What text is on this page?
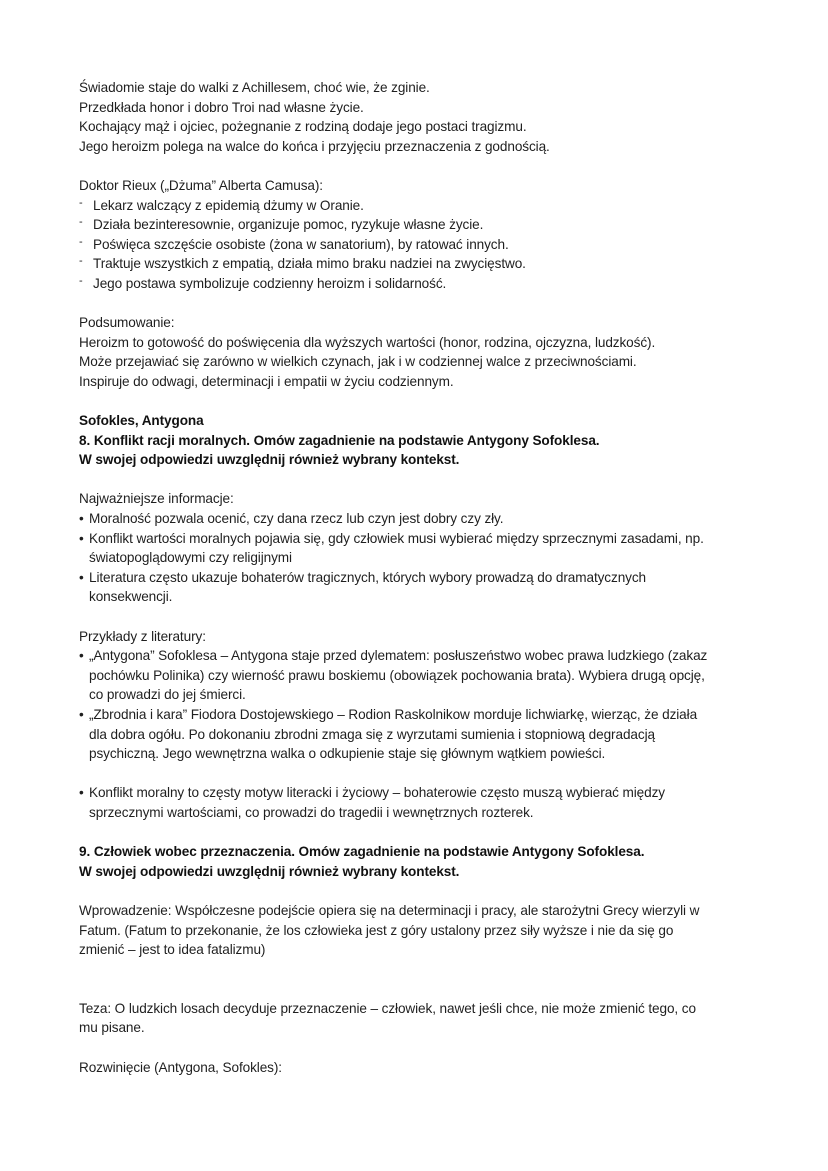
Świadomie staje do walki z Achillesem, choć wie, że zginie.
Przedkłada honor i dobro Troi nad własne życie.
Kochający mąż i ojciec, pożegnanie z rodziną dodaje jego postaci tragizmu.
Jego heroizm polega na walce do końca i przyjęciu przeznaczenia z godnością.
Doktor Rieux („Dżuma” Alberta Camusa):
- Lekarz walczący z epidemią dżumy w Oranie.
- Działa bezinteresownie, organizuje pomoc, ryzykuje własne życie.
- Poświęca szczęście osobiste (żona w sanatorium), by ratować innych.
- Traktuje wszystkich z empatią, działa mimo braku nadziei na zwycięstwo.
- Jego postawa symbolizuje codzienny heroizm i solidarność.
Podsumowanie:
Heroizm to gotowość do poświęcenia dla wyższych wartości (honor, rodzina, ojczyzna, ludzkość).
Może przejawiać się zarówno w wielkich czynach, jak i w codziennej walce z przeciwnościami.
Inspiruje do odwagi, determinacji i empatii w życiu codziennym.
Sofokles, Antygona
8. Konflikt racji moralnych. Omów zagadnienie na podstawie Antygony Sofoklesa.
W swojej odpowiedzi uwzględnij również wybrany kontekst.
Najważniejsze informacje:
• Moralność pozwala ocenić, czy dana rzecz lub czyn jest dobry czy zły.
• Konflikt wartości moralnych pojawia się, gdy człowiek musi wybierać między sprzecznymi zasadami, np.
światopoglądowymi czy religijnymi
• Literatura często ukazuje bohaterów tragicznych, których wybory prowadzą do dramatycznych
konsekwencji.
Przykłady z literatury:
• „Antygona” Sofoklesa – Antygona staje przed dylematem: posłuszeństwo wobec prawa ludzkiego (zakaz
pochówku Polinika) czy wierność prawu boskiemu (obowiązek pochowania brata). Wybiera drugą opcję,
co prowadzi do jej śmierci.
• „Zbrodnia i kara” Fiodora Dostojewskiego – Rodion Raskolnikow morduje lichwiarkę, wierząc, że działa
dla dobra ogółu. Po dokonaniu zbrodni zmaga się z wyrzutami sumienia i stopniową degradacją
psychiczną. Jego wewnętrzna walka o odkupienie staje się głównym wątkiem powieści.
• Konflikt moralny to częsty motyw literacki i życiowy – bohaterowie często muszą wybierać między
sprzecznymi wartościami, co prowadzi do tragedii i wewnętrznych rozterek.
9. Człowiek wobec przeznaczenia. Omów zagadnienie na podstawie Antygony Sofoklesa.
W swojej odpowiedzi uwzględnij również wybrany kontekst.
Wprowadzenie: Współczesne podejście opiera się na determinacji i pracy, ale starożytni Grecy wierzyli w
Fatum. (Fatum to przekonanie, że los człowieka jest z góry ustalony przez siły wyższe i nie da się go
zmienić – jest to idea fatalizmu)
Teza: O ludzkich losach decyduje przeznaczenie – człowiek, nawet jeśli chce, nie może zmienić tego, co
mu pisane.
Rozwinięcie (Antygona, Sofokles):
